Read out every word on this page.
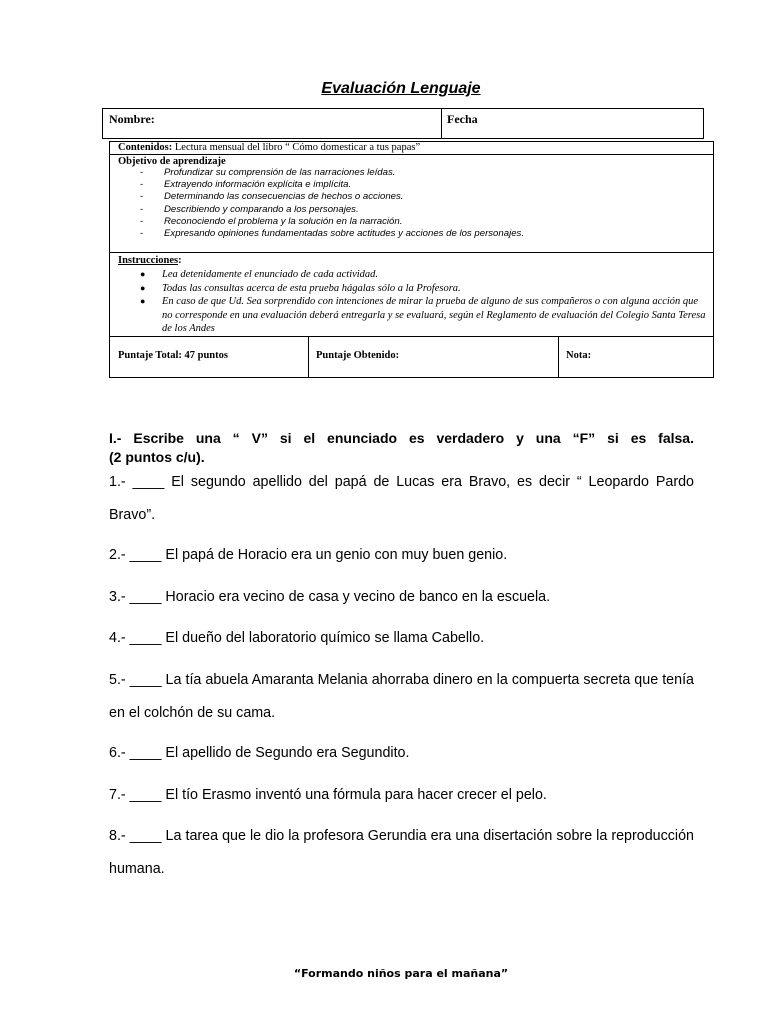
Evaluación Lenguaje
Nombre:	Fecha
Contenidos: Lectura mensual del libro “ Cómo domesticar a tus papas”
Objetivo de aprendizaje
- Profundizar su comprensión de las narraciones leídas.
- Extrayendo información explícita e implícita.
- Determinando las consecuencias de hechos o acciones.
- Describiendo y comparando a los personajes.
- Reconociendo el problema y la solución en la narración.
- Expresando opiniones fundamentadas sobre actitudes y acciones de los personajes.
Instrucciones:
● Lea detenidamente el enunciado de cada actividad.
● Todas las consultas acerca de esta prueba hágalas sólo a la Profesora.
● En caso de que Ud. Sea sorprendido con intenciones de mirar la prueba de alguno de sus compañeros o con alguna acción que no corresponde en una evaluación deberá entregarla y se evaluará, según el Reglamento de evaluación del Colegio Santa Teresa de los Andes
Puntaje Total: 47 puntos	Puntaje Obtenido:	Nota:
I.- Escribe una “ V” si el enunciado es verdadero y una “F” si es falsa.
(2 puntos c/u).
1.- ____ El segundo apellido del papá de Lucas era Bravo, es decir “ Leopardo Pardo Bravo”.
2.- ____ El papá de Horacio era un genio con muy buen genio.
3.- ____ Horacio era vecino de casa y vecino de banco en la escuela.
4.- ____ El dueño del laboratorio químico se llama Cabello.
5.- ____ La tía abuela Amaranta Melania ahorraba dinero en la compuerta secreta que tenía en el colchón de su cama.
6.- ____ El apellido de Segundo era Segundito.
7.- ____ El tío Erasmo inventó una fórmula para hacer crecer el pelo.
8.- ____ La tarea que le dio la profesora Gerundia era una disertación sobre la reproducción humana.
“Formando niños para el mañana”
